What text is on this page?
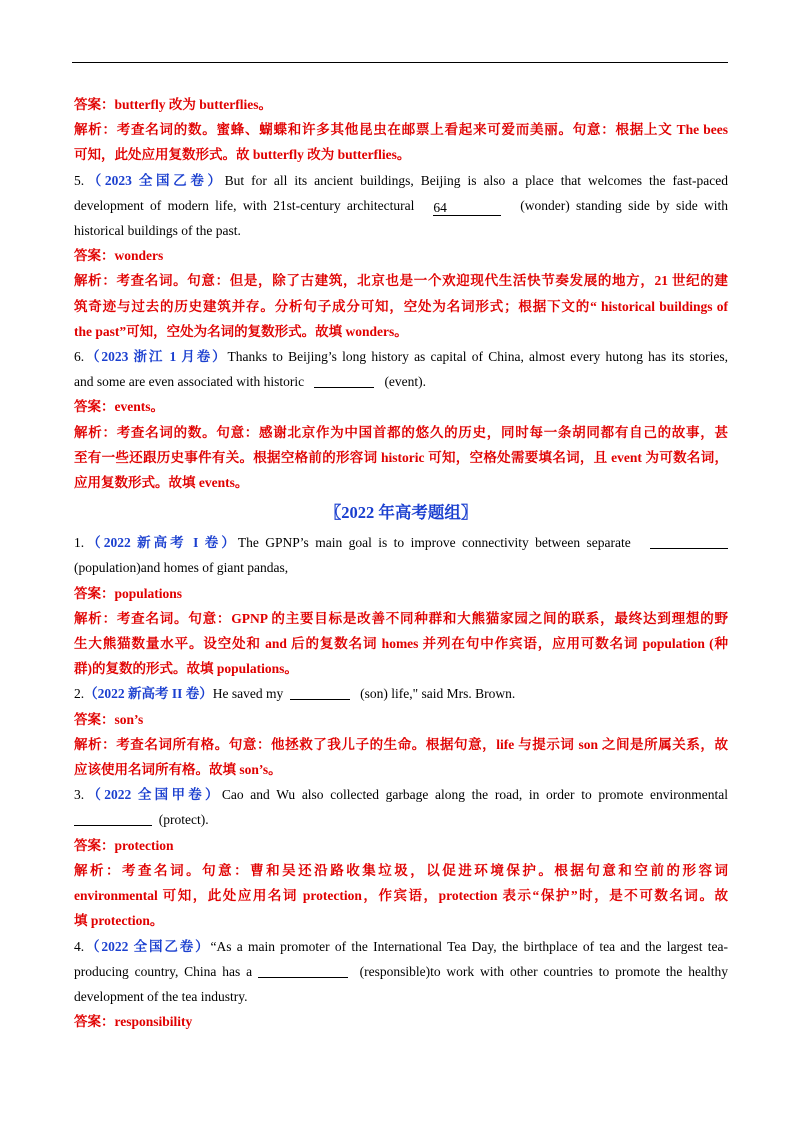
答案：butterfly 改为 butterflies。
解析：考查名词的数。蜜蜂、蝴蝶和许多其他昆虫在邮票上看起来可爱而美丽。句意：根据上文 The bees
可知，此处应用复数形式。故 butterfly 改为 butterflies。
5.（2023 全国乙卷）But for all its ancient buildings, Beijing is also a place that welcomes the fast-paced
development of modern life, with 21st-century architectural 64	(wonder) standing side by side with
historical buildings of the past.
答案：wonders
解析：考查名词。句意：但是，除了古建筑，北京也是一个欢迎现代生活快节奏发展的地方，21 世纪的建
筑奇迹与过去的历史建筑并存。分析句子成分可知，空处为名词形式；根据下文的“ historical buildings of
the past”可知，空处为名词的复数形式。故填 wonders。
6.（2023 浙江 1 月卷）Thanks to Beijing’s long history as capital of China, almost every hutong has its stories,
and some are even associated with historic	(event).
答案：events。
解析：考查名词的数。句意：感谢北京作为中国首都的悠久的历史，同时每一条胡同都有自己的故事，甚
至有一些还跟历史事件有关。根据空格前的形容词 historic 可知，空格处需要填名词，且 event 为可数名词，
应用复数形式。故填 events。
〖2022 年高考题组〗
1.（2022 新高考 I 卷）The GPNP’s main goal is to improve connectivity between separate
(population)and homes of giant pandas,
答案：populations
解析：考查名词。句意：GPNP 的主要目标是改善不同种群和大熊猫家园之间的联系，最终达到理想的野
生大熊猫数量水平。设空处和 and 后的复数名词 homes 并列在句中作宾语，应用可数名词 population (种
群)的复数的形式。故填 populations。
2.（2022 新高考 II 卷）He saved my	(son) life," said Mrs. Brown.
答案：son’s
解析：考查名词所有格。句意：他拯救了我儿子的生命。根据句意，life 与提示词 son 之间是所属关系，故
应该使用名词所有格。故填 son’s。
3.（2022 全国甲卷）Cao and Wu also collected garbage along the road, in order to promote environmental
(protect).
答案：protection
解析：考查名词。句意：曹和吴还沿路收集垃圾，以促进环境保护。根据句意和空前的形容词
environmental 可知，此处应用名词 protection，作宾语，protection 表示“保护”时，是不可数名词。故
填 protection。
4.（2022 全国乙卷）“As a main promoter of the International Tea Day, the birthplace of tea and the largest tea-
producing country, China has a	(responsible)to work with other countries to promote the healthy
development of the tea industry.
答案：responsibility
